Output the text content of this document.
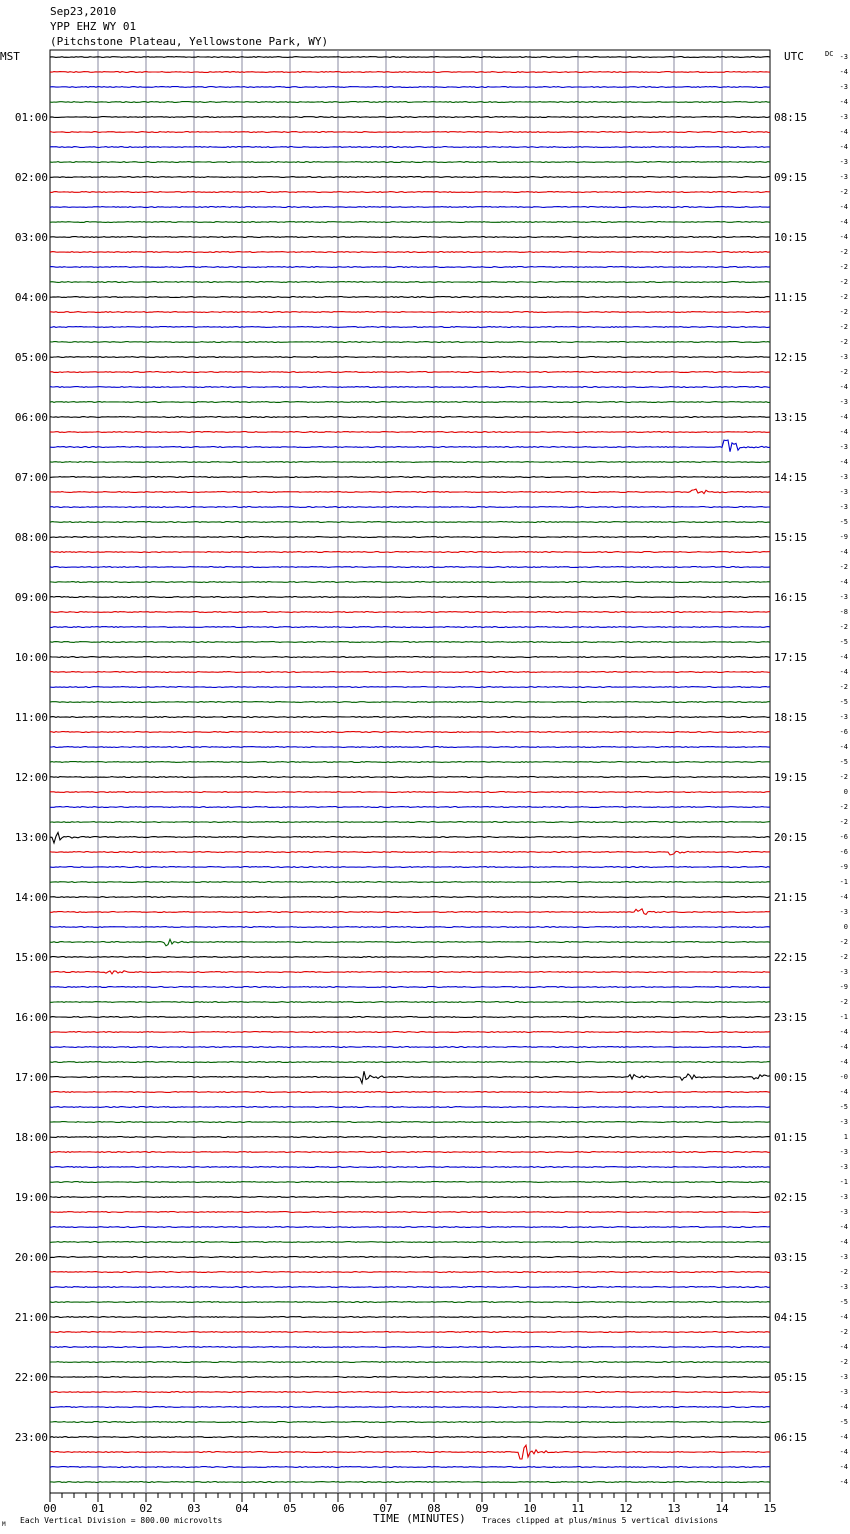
Sep23,2010
YPP EHZ WY 01
(Pitchstone Plateau, Yellowstone Park, WY)
-3
-4
-3
-4
-3
-4
-4
-3
-3
-2
-4
-4
-4
-2
-2
-2
-2
-2
-2
-2
-3
-2
-4
-3
-4
-4
-3
-4
-3
-3
-3
-5
-9
-4
-2
-4
-3
-8
-2
-5
-4
-4
-2
-5
-3
-6
-4
-5
-2
0
-2
-2
-6
-6
-9
-1
-4
-3
0
-2
-2
-3
-9
-2
-1
-4
-4
-4
-0
-4
-5
-3
1
-3
-3
-1
-3
-3
-4
-4
-3
-2
-3
-5
-4
-2
-4
-2
-3
-3
-4
-5
-4
-4
-4
-4
MST	UTC	DC
01:00
02:00
03:00
04:00
05:00
06:00
07:00
08:00
09:00
10:00
11:00
12:00
13:00
14:00
15:00
16:00
17:00
18:00
19:00
20:00
21:00
22:00
23:00
08:15
09:15
10:15
11:15
12:15
13:15
14:15
15:15
16:15
17:15
18:15
19:15
20:15
21:15
22:15
23:15
00:15
01:15
02:15
03:15
04:15
05:15
06:15
00	01	02	03	04	05	06	07	08	09	10	11	12	13	14	15
M Each Vertical Division = 800.00 microvolts	TIME (MINUTES) Traces clipped at plus/minus 5 vertical divisions
